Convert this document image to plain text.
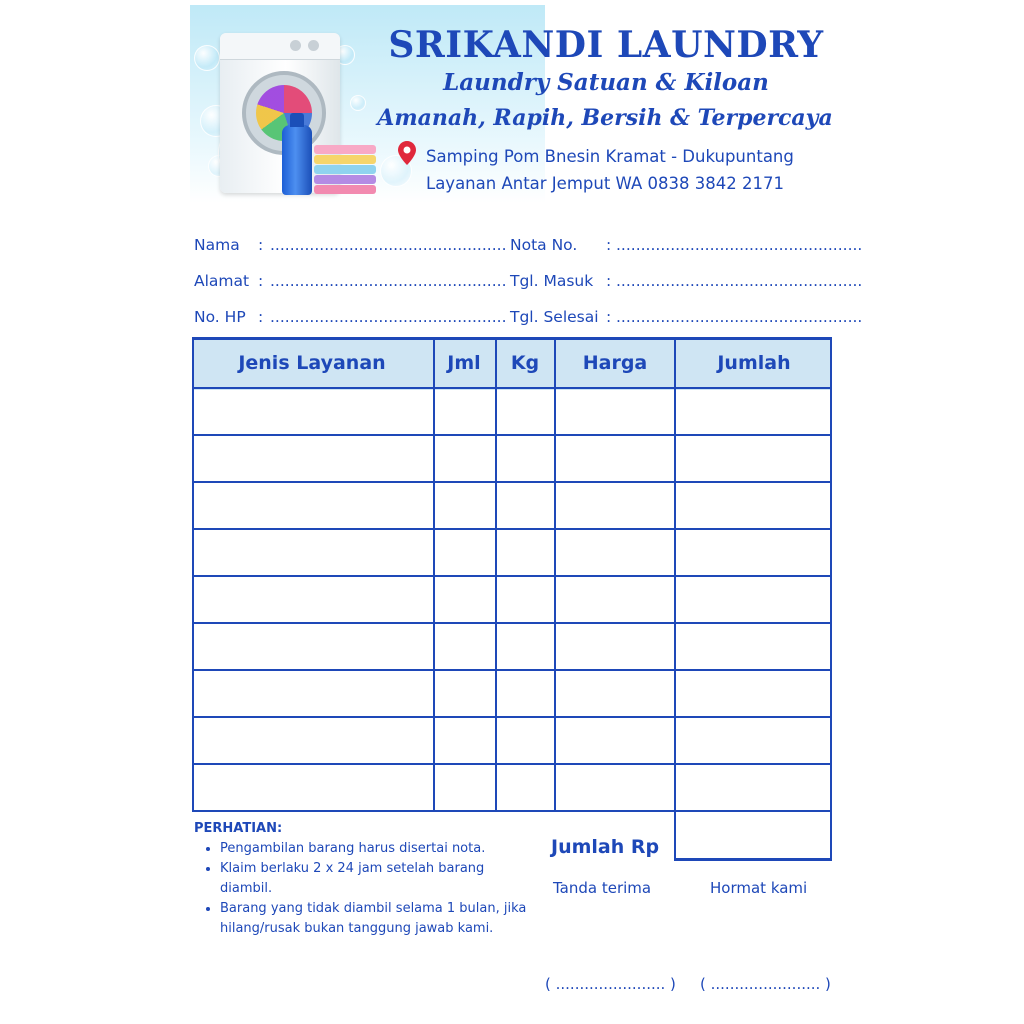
SRIKANDI LAUNDRY
Laundry Satuan & Kiloan
Amanah, Rapih, Bersih & Terpercaya
Samping Pom Bnesin Kramat - Dukupuntang
Layanan Antar Jemput WA 0838 3842 2171
Nama : ................................................
Alamat : ................................................
No. HP : ................................................
Nota No. : ..................................................
Tgl. Masuk : ..................................................
Tgl. Selesai : ..................................................
Jenis Layanan	Jml	Kg	Harga	Jumlah
PERHATIAN:
• Pengambilan barang harus disertai nota.
• Klaim berlaku 2 x 24 jam setelah barang diambil.
• Barang yang tidak diambil selama 1 bulan, jika hilang/rusak bukan tanggung jawab kami.
Jumlah Rp
Tanda terima	Hormat kami
( ....................... ) ( ....................... )
